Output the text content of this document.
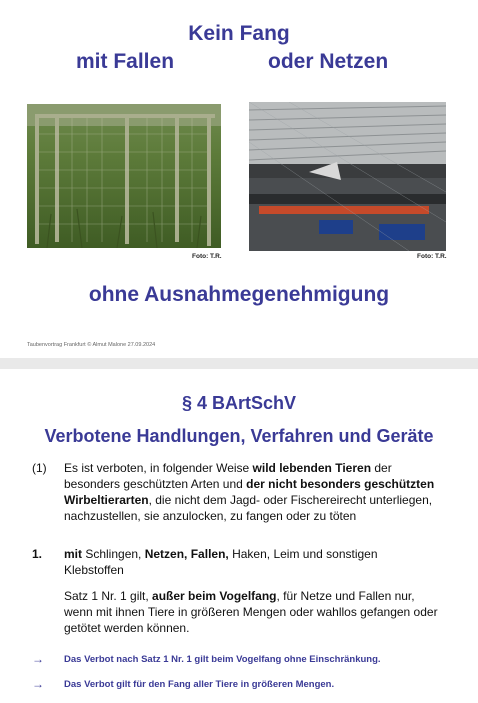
Kein Fang
mit Fallen	oder Netzen
Foto: T.R.	Foto: T.R.
ohne Ausnahmegenehmigung
Taubenvortrag Frankfurt © Almut Malone 27.09.2024
§ 4 BArtSchV
Verbotene Handlungen, Verfahren und Geräte
(1) Es ist verboten, in folgender Weise wild lebenden Tieren der besonders geschützten Arten und der nicht besonders geschützten Wirbeltierarten, die nicht dem Jagd- oder Fischereirecht unterliegen, nachzustellen, sie anzulocken, zu fangen oder zu töten
1. mit Schlingen, Netzen, Fallen, Haken, Leim und sonstigen Klebstoffen
Satz 1 Nr. 1 gilt, außer beim Vogelfang, für Netze und Fallen nur, wenn mit ihnen Tiere in größeren Mengen oder wahllos gefangen oder getötet werden können.
→ Das Verbot nach Satz 1 Nr. 1 gilt beim Vogelfang ohne Einschränkung.
→ Das Verbot gilt für den Fang aller Tiere in größeren Mengen.
